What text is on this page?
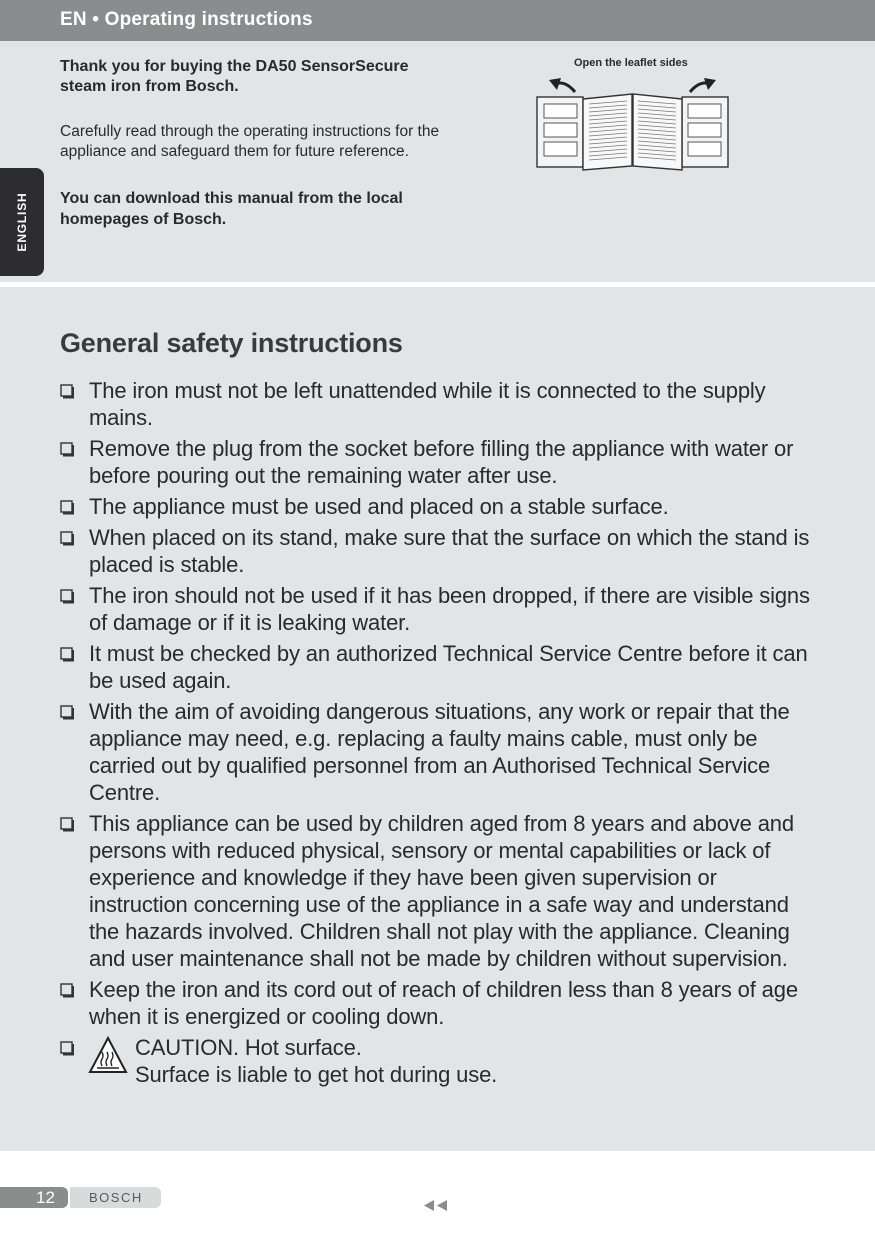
EN • Operating instructions
ENGLISH
Thank you for buying the DA50 SensorSecure steam iron from Bosch.
Carefully read through the operating instructions for the appliance and safeguard them for future reference.
You can download this manual from the local homepages of Bosch.
Open the leaflet sides
General safety instructions
The iron must not be left unattended while it is connected to the supply mains.
Remove the plug from the socket before filling the appliance with water or before pouring out the remaining water after use.
The appliance must be used and placed on a stable surface.
When placed on its stand, make sure that the surface on which the stand is placed is stable.
The iron should not be used if it has been dropped, if there are visible signs of damage or if it is leaking water.
It must be checked by an authorized Technical Service Centre before it can be used again.
With the aim of avoiding dangerous situations, any work or repair that the appliance may need, e.g. replacing a faulty mains cable, must only be carried out by qualified personnel from an Authorised Technical Service Centre.
This appliance can be used by children aged from 8 years and above and persons with reduced physical, sensory or mental capabilities or lack of experience and knowledge if they have been given supervision or instruction concerning use of the appliance in a safe way and understand the hazards involved. Children shall not play with the appliance. Cleaning and user maintenance shall not be made by children without supervision.
Keep the iron and its cord out of reach of children less than 8 years of age when it is energized or cooling down.
CAUTION. Hot surface.
Surface is liable to get hot during use.
12	BOSCH
